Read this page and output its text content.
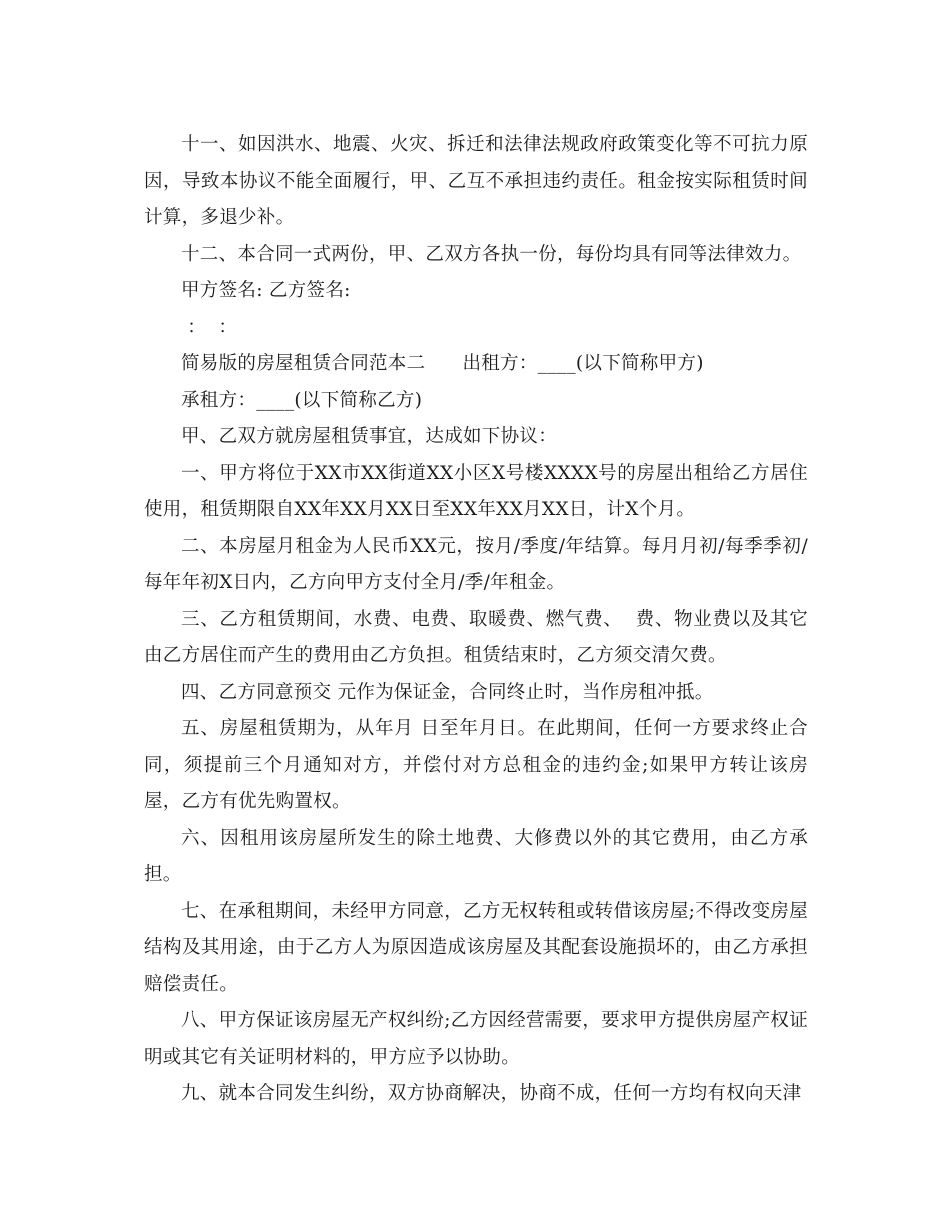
十一、如因洪水、地震、火灾、拆迁和法律法规政府政策变化等不可抗力原因，导致本协议不能全面履行，甲、乙互不承担违约责任。租金按实际租赁时间计算，多退少补。

十二、本合同一式两份，甲、乙双方各执一份，每份均具有同等法律效力。

甲方签名: 乙方签名:

：  ：

简易版的房屋租赁合同范本二      出租方：____(以下简称甲方)

承租方：____(以下简称乙方)

甲、乙双方就房屋租赁事宜，达成如下协议：

一、甲方将位于XX市XX街道XX小区X号楼XXXX号的房屋出租给乙方居住使用，租赁期限自XX年XX月XX日至XX年XX月XX日，计X个月。

二、本房屋月租金为人民币XX元，按月/季度/年结算。每月月初/每季季初/每年年初X日内，乙方向甲方支付全月/季/年租金。

三、乙方租赁期间，水费、电费、取暖费、燃气费、  费、物业费以及其它由乙方居住而产生的费用由乙方负担。租赁结束时，乙方须交清欠费。

四、乙方同意预交 元作为保证金，合同终止时，当作房租冲抵。

五、房屋租赁期为，从年月 日至年月日。在此期间，任何一方要求终止合同，须提前三个月通知对方，并偿付对方总租金的违约金;如果甲方转让该房屋，乙方有优先购置权。

六、因租用该房屋所发生的除土地费、大修费以外的其它费用，由乙方承担。

七、在承租期间，未经甲方同意，乙方无权转租或转借该房屋;不得改变房屋结构及其用途，由于乙方人为原因造成该房屋及其配套设施损坏的，由乙方承担赔偿责任。

八、甲方保证该房屋无产权纠纷;乙方因经营需要，要求甲方提供房屋产权证明或其它有关证明材料的，甲方应予以协助。

九、就本合同发生纠纷，双方协商解决，协商不成，任何一方均有权向天津
